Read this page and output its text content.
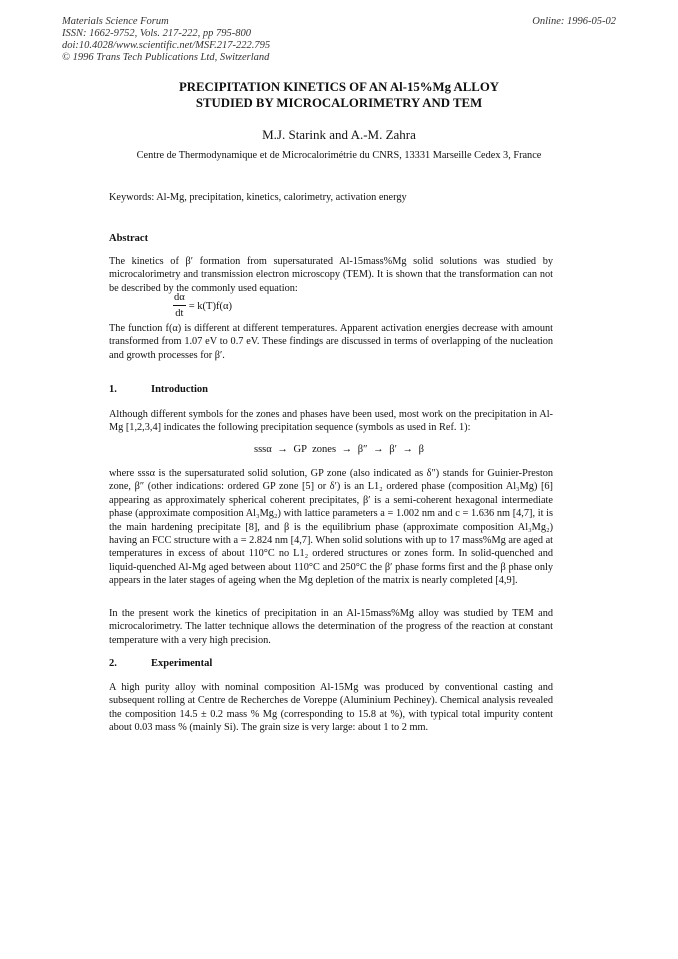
Materials Science Forum
ISSN: 1662-9752, Vols. 217-222, pp 795-800
doi:10.4028/www.scientific.net/MSF.217-222.795
© 1996 Trans Tech Publications Ltd, Switzerland
Online: 1996-05-02
PRECIPITATION KINETICS OF AN Al-15%Mg ALLOY
STUDIED BY MICROCALORIMETRY AND TEM
M.J. Starink and A.-M. Zahra
Centre de Thermodynamique et de Microcalorimétrie du CNRS, 13331 Marseille Cedex 3, France
Keywords: Al-Mg, precipitation, kinetics, calorimetry, activation energy
Abstract
The kinetics of β′ formation from supersaturated Al-15mass%Mg solid solutions was studied by microcalorimetry and transmission electron microscopy (TEM). It is shown that the transformation can not be described by the commonly used equation:
$\frac{d\alpha}{dt} = k(T)f(\alpha)$
The function f(α) is different at different temperatures. Apparent activation energies decrease with amount transformed from 1.07 eV to 0.7 eV. These findings are discussed in terms of overlapping of the nucleation and growth processes for β′.
1.	Introduction
Although different symbols for the zones and phases have been used, most work on the precipitation in Al-Mg [1,2,3,4] indicates the following precipitation sequence (symbols as used in Ref. 1):
sssα → GP zones → β″ → β′ → β
where sssα is the supersaturated solid solution, GP zone (also indicated as δ″) stands for Guinier-Preston zone, β″ (other indications: ordered GP zone [5] or δ′) is an L1₂ ordered phase (composition Al₃Mg) [6] appearing as approximately spherical coherent precipitates, β′ is a semi-coherent hexagonal intermediate phase (approximate composition Al₃Mg₂) with lattice parameters a = 1.002 nm and c = 1.636 nm [4,7], it is the main hardening precipitate [8], and β is the equilibrium phase (approximate composition Al₃Mg₂) having an FCC structure with a = 2.824 nm [4,7]. When solid solutions with up to 17 mass%Mg are aged at temperatures in excess of about 110°C no L1₂ ordered structures or zones form. In solid-quenched and liquid-quenched Al-Mg aged between about 110°C and 250°C the β′ phase forms first and the β phase only appears in the later stages of ageing when the Mg depletion of the matrix is nearly completed [4,9].
In the present work the kinetics of precipitation in an Al-15mass%Mg alloy was studied by TEM and microcalorimetry. The latter technique allows the determination of the progress of the reaction at constant temperature with a very high precision.
2.	Experimental
A high purity alloy with nominal composition Al-15Mg was produced by conventional casting and subsequent rolling at Centre de Recherches de Voreppe (Aluminium Pechiney). Chemical analysis revealed the composition 14.5 ± 0.2 mass % Mg (corresponding to 15.8 at %), with typical total impurity content about 0.03 mass % (mainly Si). The grain size is very large: about 1 to 2 mm.
